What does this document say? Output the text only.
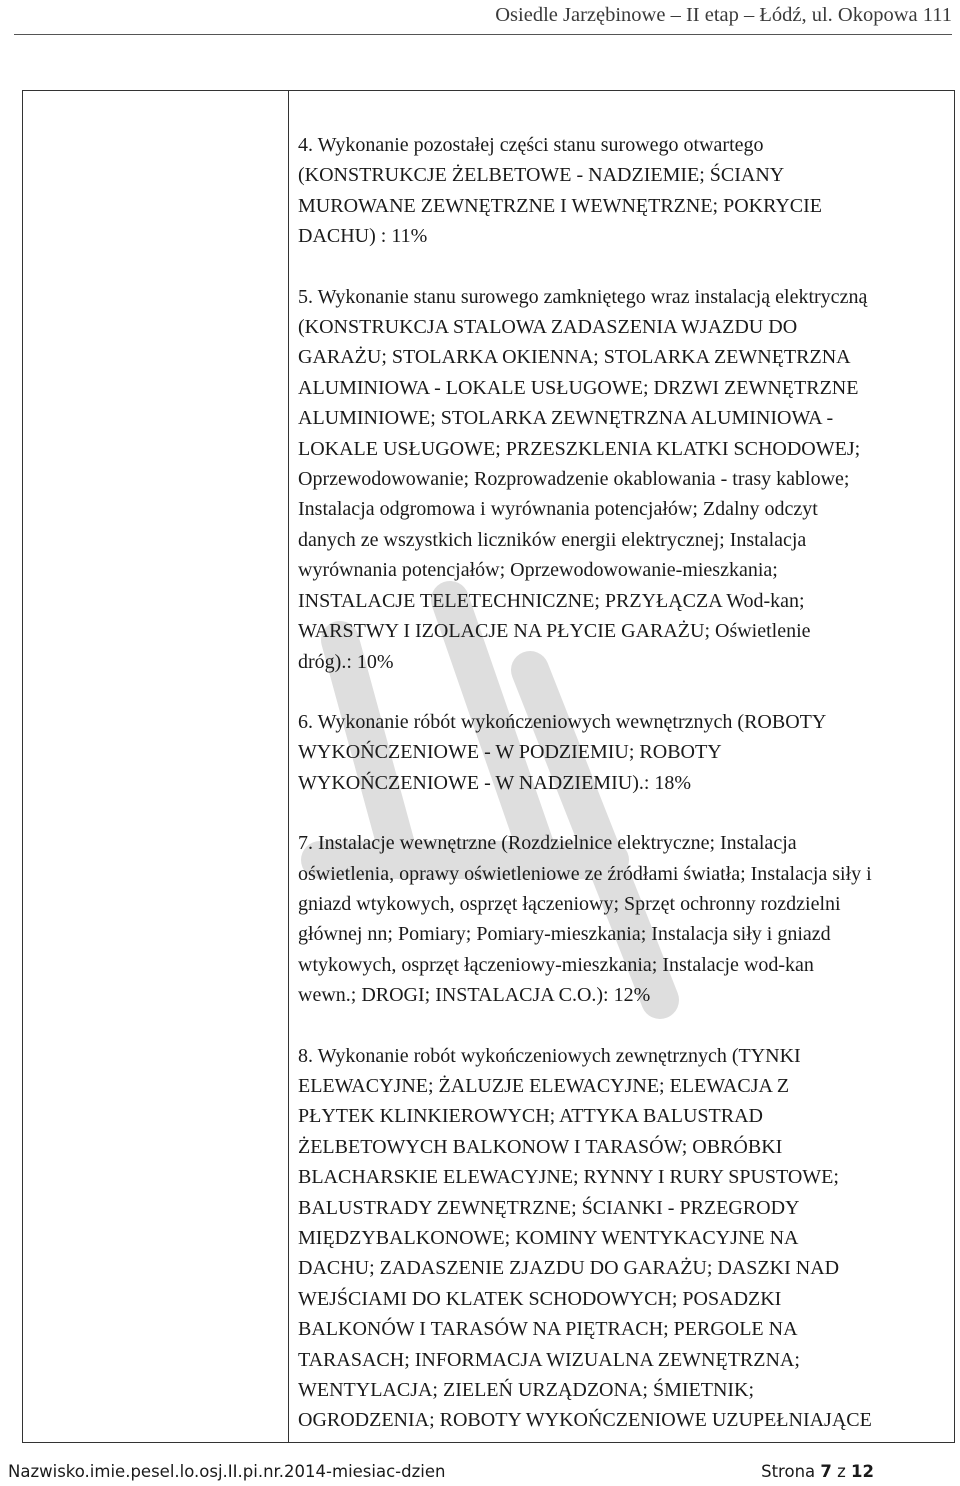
Osiedle Jarzębinowe – II etap – Łódź, ul. Okopowa 111

4. Wykonanie pozostałej części stanu surowego otwartego
(KONSTRUKCJE ŻELBETOWE - NADZIEMIE; ŚCIANY
MUROWANE ZEWNĘTRZNE I WEWNĘTRZNE; POKRYCIE
DACHU) : 11%

5. Wykonanie stanu surowego zamkniętego wraz instalacją elektryczną
(KONSTRUKCJA STALOWA ZADASZENIA WJAZDU DO
GARAŻU; STOLARKA OKIENNA; STOLARKA ZEWNĘTRZNA
ALUMINIOWA - LOKALE USŁUGOWE; DRZWI ZEWNĘTRZNE
ALUMINIOWE; STOLARKA ZEWNĘTRZNA ALUMINIOWA -
LOKALE USŁUGOWE; PRZESZKLENIA KLATKI SCHODOWEJ;
Oprzewodowowanie; Rozprowadzenie okablowania - trasy kablowe;
Instalacja odgromowa i wyrównania potencjałów; Zdalny odczyt
danych ze wszystkich liczników energii elektrycznej; Instalacja
wyrównania potencjałów; Oprzewodowowanie-mieszkania;
INSTALACJE TELETECHNICZNE; PRZYŁĄCZA Wod-kan;
WARSTWY I IZOLACJE NA PŁYCIE GARAŻU; Oświetlenie
dróg).: 10%

6. Wykonanie róbót wykończeniowych wewnętrznych (ROBOTY
WYKOŃCZENIOWE - W PODZIEMIU; ROBOTY
WYKOŃCZENIOWE - W NADZIEMIU).: 18%

7. Instalacje wewnętrzne (Rozdzielnice elektryczne; Instalacja
oświetlenia, oprawy oświetleniowe ze źródłami światła; Instalacja siły i
gniazd wtykowych, osprzęt łączeniowy; Sprzęt ochronny rozdzielni
głównej nn; Pomiary; Pomiary-mieszkania; Instalacja siły i gniazd
wtykowych, osprzęt łączeniowy-mieszkania; Instalacje wod-kan
wewn.; DROGI; INSTALACJA C.O.): 12%

8. Wykonanie robót wykończeniowych zewnętrznych (TYNKI
ELEWACYJNE; ŻALUZJE ELEWACYJNE; ELEWACJA Z
PŁYTEK KLINKIEROWYCH; ATTYKA BALUSTRAD
ŻELBETOWYCH BALKONOW I TARASÓW; OBRÓBKI
BLACHARSKIE ELEWACYJNE; RYNNY I RURY SPUSTOWE;
BALUSTRADY ZEWNĘTRZNE; ŚCIANKI - PRZEGRODY
MIĘDZYBALKONOWE; KOMINY WENTYKACYJNE NA
DACHU; ZADASZENIE ZJAZDU DO GARAŻU; DASZKI NAD
WEJŚCIAMI DO KLATEK SCHODOWYCH; POSADZKI
BALKONÓW I TARASÓW NA PIĘTRACH; PERGOLE NA
TARASACH; INFORMACJA WIZUALNA ZEWNĘTRZNA;
WENTYLACJA; ZIELEŃ URZĄDZONA; ŚMIETNIK;
OGRODZENIA; ROBOTY WYKOŃCZENIOWE UZUPEŁNIAJĄCE

Nazwisko.imie.pesel.lo.osj.II.pi.nr.2014-miesiac-dzien	Strona 7 z 12
